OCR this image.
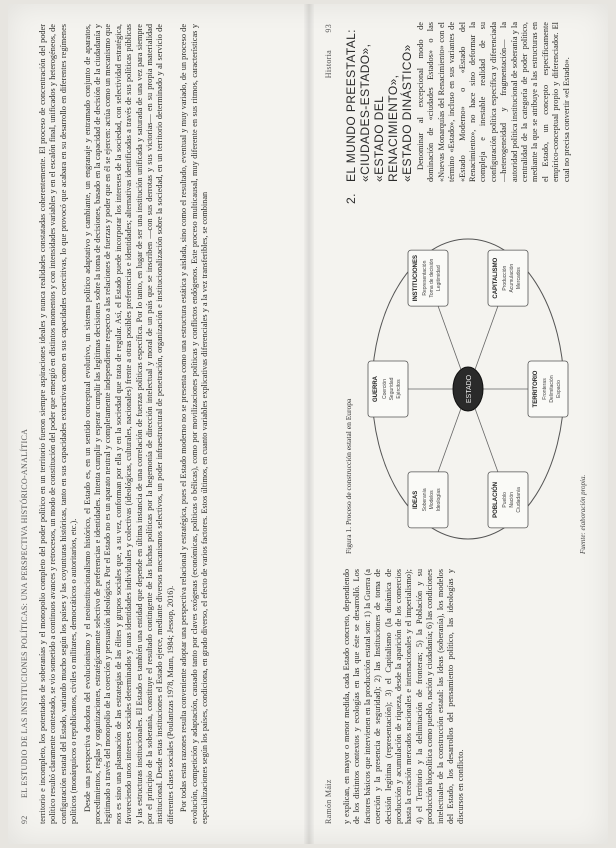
92
EL ESTUDIO DE LAS INSTITUCIONES POLÍTICAS: UNA PERSPECTIVA HISTÓRICO-ANALÍTICA territorio e incompleto, los potentados de soberanías y el monopolio completo del poder político en un territorio fueron siempre aspiraciones ideales y nunca realidades constatadas coherentemente. El proceso de concentración del poder político resultó claramente contestado, se vio sometido a continuos avances y retrocesos, un modo de constitución del poder que emergió en distintos momentos y con intensidades variables y en el escalón final, unificados y heterogéneos, de configuración estatal del Estado, variando mucho según los países y las coyunturas históricas, tanto en sus capacidades extractivas como en sus capacidades coercitivas, lo que provocó que acabara en su desarrollo en diferentes regímenes políticos (monárquicos o republicanos, civiles o militares, democráticos o autoritarios, etc.). Desde una perspectiva deudora del evolucionismo y el neoinstitucionalismo histórico, el Estado es, en un sentido conceptual evolutivo, un sistema político adaptativo y cambiante, un engranaje y entramado conjunto de aparatos, procedimientos, reglas y organizaciones, estratégicamente selectivo de preferencias e identidades. Intenta cumplir y esperar cumplir las legítimas decisiones sobre la toma de decisiones, basado en la capacidad de decisión de la ciudadanía y legitimado a través del monopolio de la coerción y persuasión ideológica. Por el Estado no es un aparato neutral y completamente independiente respecto a las relaciones de fuerzas y poder que en él se ejercen: actúa como un mecanismo que nos es sino una plasmación de las estrategias de las élites y grupos sociales que, a su vez, conforman por ella y en la sociedad que trata de regular. Así, el Estado puede incorporar los intereses de la sociedad, con selectividad estratégica, favoreciendo unos intereses sociales determinados y unas identidades individuales y colectivas (ideológicas, culturales, nacionales) frente a otras posibles preferencias e identidades; alternativas identificadas a través de sus políticas públicas y las estructuras institucionales. El Estado es también una entidad que depende en última instancia de una correlación de fuerzas políticas específica. Por lo tanto, en lugar de ser una institución unificada y saturada de una vez para siempre por el principio de la soberanía, constituye el resultado contingente de las luchas políticas por la hegemonía de dirección intelectual y moral de un país que se inscriben —con sus derrotas y sus victorias— en su propia materialidad institucional. Desde estas instituciones el Estado ejerce, mediante diversos mecanismos selectivos, un poder infraestructural de penetración, organización e institucionalización sobre la sociedad, en un territorio determinado y al servicio de diferentes clases sociales (Poulantzas 1978, Mann, 1984; Jessop, 2016). Por todas estas razones resulta conveniente adoptar una perspectiva relacional y estratégica, pues el Estado moderno no se presenta como una estructura estática y aislada, sino como el resultado, eventual y muy variado, de un proceso de evolución, competición y adaptación, causado tanto por claves exógenas (económicas, políticas o bélicas), como por movilizaciones políticas y conflictos endógenos. Este proceso multicausal, muy diferente en sus ritmos, características y especializaciones según los países, condiciona, en grado diverso, el efecto de varios factores. Estos últimos, en cuanto variables explicativas diferenciales y a la vez transferibles, se combinan	Ramón Máiz
Historia
93

y explican, en mayor o menor medida, cada Estado concreto, dependiendo de los distintos contextos y ecologías en las que éste se desarrolló. Los factores básicos que intervienen en la producción estatal son: 1) la Guerra (a coerción y la presencia de seguridad); 2) las Instituciones de toma de decisión legítima (representación); 3) el Capitalismo (la dinámica de producción y acumulación de riqueza, desde la aparición de los comercios hasta la creación mercados nacionales e internacionales y el imperialismo); 4) el Territorio y la delimitación de fronteras; 5) la Población y su producción biopolítica como pueblo, nación y ciudadanía; 6) las condiciones intelectuales de la construcción estatal: las Ideas (soberanía), los modelos del Estado, los desarrollos del pensamiento político, las ideologías y discursos en conflicto.

Figura 1. Proceso de construcción estatal en Europa
ESTADO
GUERRA Coerción Seguridad Ejércitos
INSTITUCIONES Representación Toma de decisión Legitimidad	CAPITALISMO Producción Acumulación Mercados
TERRITORIO Fronteras Delimitación Espacio
POBLACIÓN Pueblo Nación Ciudadanía
IDEAS Soberanía Modelos Ideologías	Fuente: elaboración propia.
2.
EL MUNDO PREESTATAL: «CIUDADES-ESTADO», «ESTADO DEL RENACIMIENTO», «ESTADO DINÁSTICO» Denominar al excepcional modo de dominación de «ciudades Estados» o las «Nuevas Monarquías del Renacimiento» con el término «Estado», incluso en sus variantes de «Estado Moderno» o «Estado del Renacimiento», no hace sino deformar la compleja e inestable realidad de su configuración política específica y diferenciada —heterogeneidad y fragmentación— la autoridad política institucional de soberanía y la centralidad de la categoría de poder político, mediante la que se atribuye a las estructuras en el Estado, un concepto específicamente empírico-conceptual propio y diferenciador. El cual no precisa convertir «el Estado».
